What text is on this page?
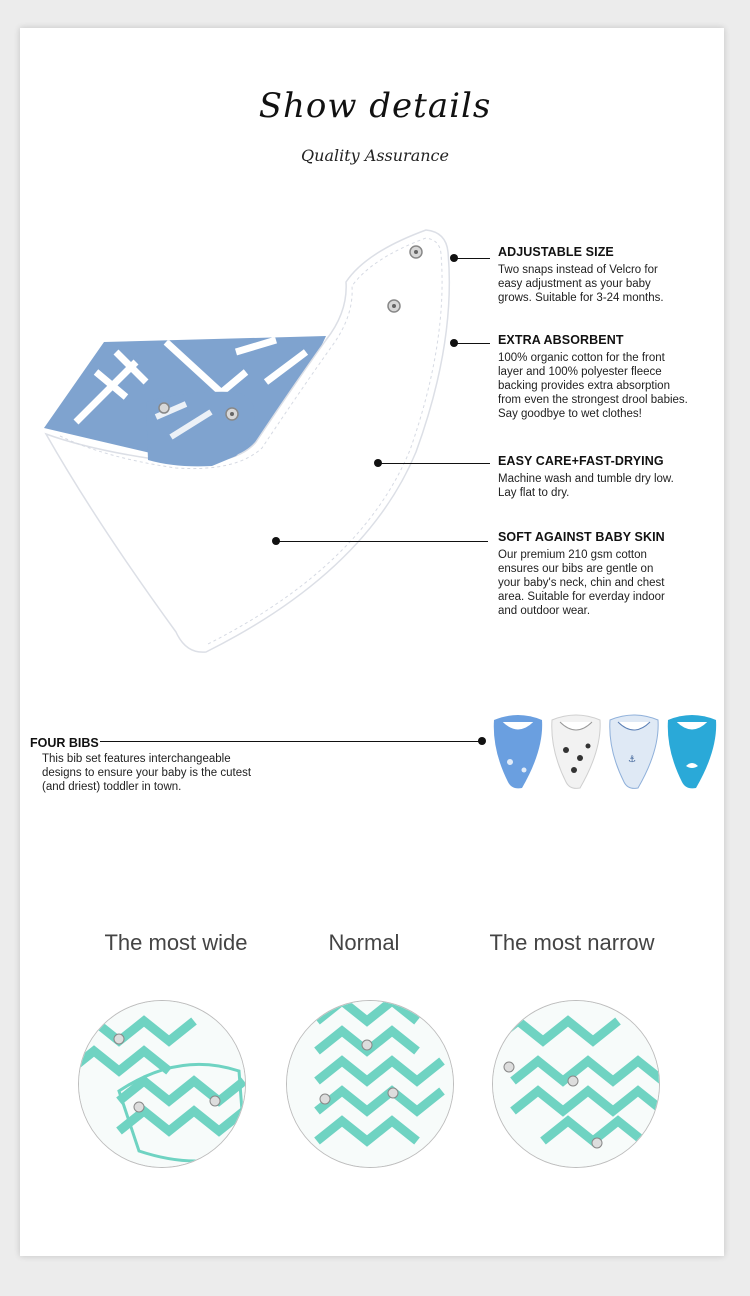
Show details
Quality Assurance
ADJUSTABLE SIZE

Two snaps instead of Velcro for
easy adjustment as your baby
grows. Suitable for 3-24 months.

EXTRA ABSORBENT

100% organic cotton for the front
layer and 100% polyester fleece
backing provides extra absorption
from even the strongest drool babies.
Say goodbye to wet clothes!

EASY CARE+FAST-DRYING

Machine wash and tumble dry low.
Lay flat to dry.

SOFT AGAINST BABY SKIN

Our premium 210 gsm cotton
ensures our bibs are gentle on
your baby's neck, chin and chest
area. Suitable for everday indoor
and outdoor wear.

FOUR BIBS

This bib set features interchangeable
designs to ensure your baby is the cutest
(and driest) toddler in town.

⚓
The most wide	Normal	The most narrow
